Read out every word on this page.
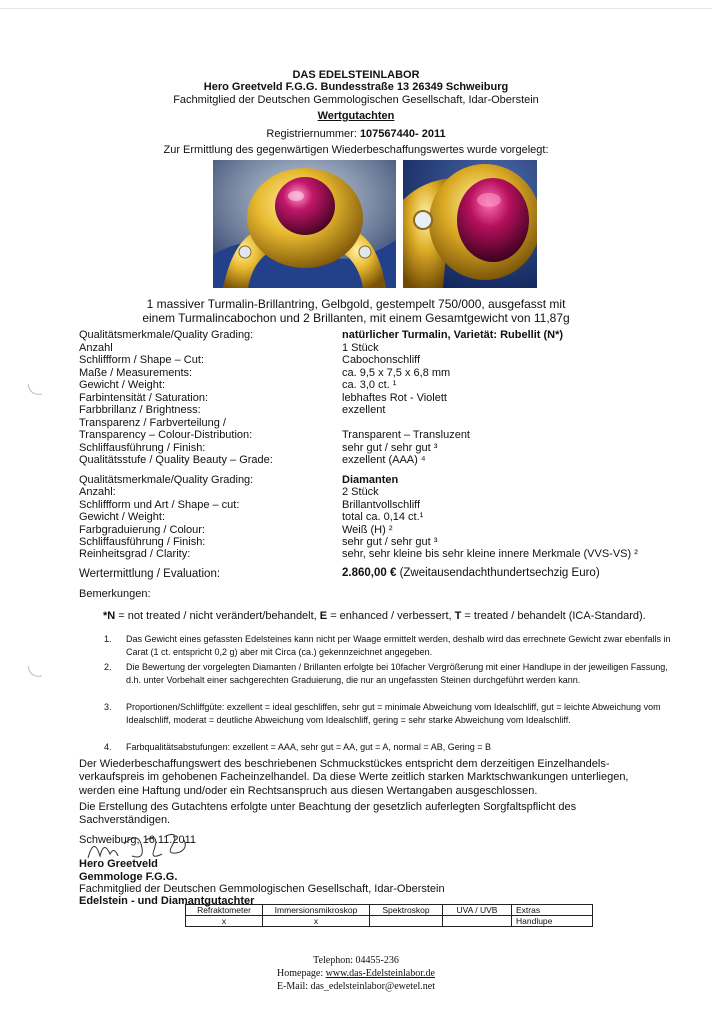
DAS EDELSTEINLABOR
Hero Greetveld F.G.G. Bundesstraße 13 26349 Schweiburg
Fachmitglied der Deutschen Gemmologischen Gesellschaft, Idar-Oberstein
Wertgutachten
Registriernummer: 107567440- 2011
Zur Ermittlung des gegenwärtigen Wiederbeschaffungswertes wurde vorgelegt:
1 massiver Turmalin-Brillantring, Gelbgold, gestempelt 750/000, ausgefasst mit
einem Turmalincabochon und 2 Brillanten, mit einem Gesamtgewicht von 11,87g
Qualitätsmerkmale/Quality Grading:	natürlicher Turmalin, Varietät: Rubellit (N*)
Anzahl	1 Stück
Schliffform / Shape – Cut:	Cabochonschliff
Maße / Measurements:	ca. 9,5 x 7,5 x 6,8 mm
Gewicht / Weight:	ca. 3,0 ct. ¹
Farbintensität / Saturation:	lebhaftes Rot - Violett
Farbbrillanz / Brightness:	exzellent
Transparenz / Farbverteilung /
Transparency – Colour-Distribution:	Transparent – Transluzent
Schliffausführung / Finish:	sehr gut / sehr gut ³
Qualitätsstufe / Quality Beauty – Grade:	exzellent (AAA) ⁴
Qualitätsmerkmale/Quality Grading:	Diamanten
Anzahl:	2 Stück
Schliffform und Art / Shape – cut:	Brillantvollschliff
Gewicht / Weight:	total ca. 0,14 ct.¹
Farbgraduierung / Colour:	Weiß (H) ²
Schliffausführung / Finish:	sehr gut / sehr gut ³
Reinheitsgrad / Clarity:	sehr, sehr kleine bis sehr kleine innere Merkmale (VVS-VS) ²
Wertermittlung / Evaluation:	2.860,00 € (Zweitausendachthundertsechzig Euro)
Bemerkungen:
*N = not treated / nicht verändert/behandelt, E = enhanced / verbessert, T = treated / behandelt (ICA-Standard).
1. Das Gewicht eines gefassten Edelsteines kann nicht per Waage ermittelt werden, deshalb wird das errechnete Gewicht zwar ebenfalls in Carat (1 ct. entspricht 0,2 g) aber mit Circa (ca.) gekennzeichnet angegeben.
2. Die Bewertung der vorgelegten Diamanten / Brillanten erfolgte bei 10facher Vergrößerung mit einer Handlupe in der jeweiligen Fassung, d.h. unter Vorbehalt einer sachgerechten Graduierung, die nur an ungefassten Steinen durchgeführt werden kann.
3. Proportionen/Schliffgüte: exzellent = ideal geschliffen, sehr gut = minimale Abweichung vom Idealschliff, gut = leichte Abweichung vom Idealschliff, moderat = deutliche Abweichung vom Idealschliff, gering = sehr starke Abweichung vom Idealschliff.
4. Farbqualitätsabstufungen: exzellent = AAA, sehr gut = AA, gut = A, normal = AB, Gering = B
Der Wiederbeschaffungswert des beschriebenen Schmuckstückes entspricht dem derzeitigen Einzelhandels-verkaufspreis im gehobenen Facheinzelhandel. Da diese Werte zeitlich starken Marktschwankungen unterliegen, werden eine Haftung und/oder ein Rechtsanspruch aus diesen Wertangaben ausgeschlossen.
Die Erstellung des Gutachtens erfolgte unter Beachtung der gesetzlich auferlegten Sorgfaltspflicht des Sachverständigen.
Schweiburg, 16.11.2011
Hero Greetveld
Gemmologe F.G.G.
Fachmitglied der Deutschen Gemmologischen Gesellschaft, Idar-Oberstein
Edelstein - und Diamantgutachter
Refraktometer	Immersionsmikroskop	Spektroskop	UVA / UVB	Extras
x	x			Handlupe
Telephon: 04455-236
Homepage: www.das-Edelsteinlabor.de
E-Mail: das_edelsteinlabor@ewetel.net
